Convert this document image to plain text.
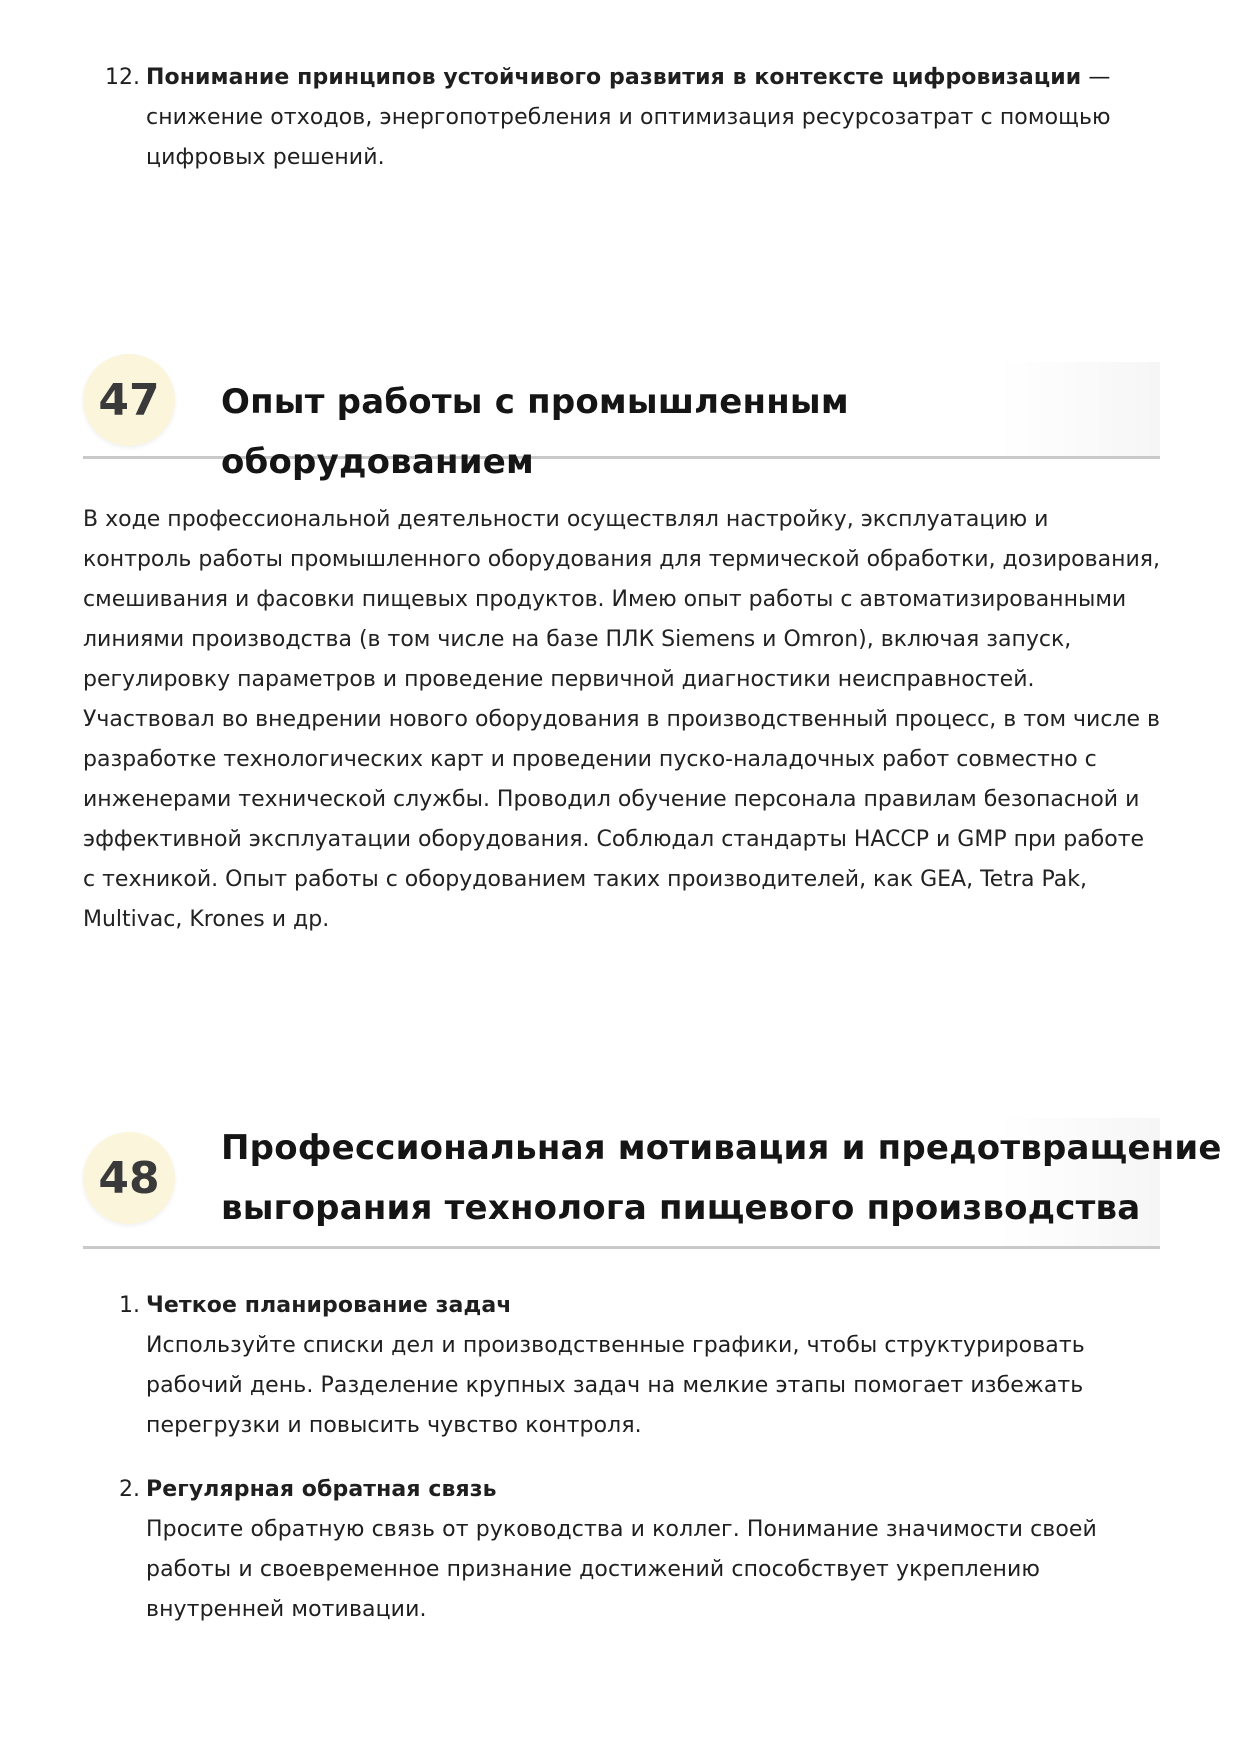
12. Понимание принципов устойчивого развития в контексте цифровизации — снижение отходов, энергопотребления и оптимизация ресурсозатрат с помощью цифровых решений.
47	Опыт работы с промышленным оборудованием
В ходе профессиональной деятельности осуществлял настройку, эксплуатацию и контроль работы промышленного оборудования для термической обработки, дозирования, смешивания и фасовки пищевых продуктов. Имею опыт работы с автоматизированными линиями производства (в том числе на базе ПЛК Siemens и Omron), включая запуск, регулировку параметров и проведение первичной диагностики неисправностей. Участвовал во внедрении нового оборудования в производственный процесс, в том числе в разработке технологических карт и проведении пуско-наладочных работ совместно с инженерами технической службы. Проводил обучение персонала правилам безопасной и эффективной эксплуатации оборудования. Соблюдал стандарты HACCP и GMP при работе с техникой. Опыт работы с оборудованием таких производителей, как GEA, Tetra Pak, Multivac, Krones и др.
48
Профессиональная мотивация и предотвращение
выгорания технолога пищевого производства
1. Четкое планирование задач
Используйте списки дел и производственные графики, чтобы структурировать рабочий день. Разделение крупных задач на мелкие этапы помогает избежать перегрузки и повысить чувство контроля.
2. Регулярная обратная связь
Просите обратную связь от руководства и коллег. Понимание значимости своей работы и своевременное признание достижений способствует укреплению внутренней мотивации.
